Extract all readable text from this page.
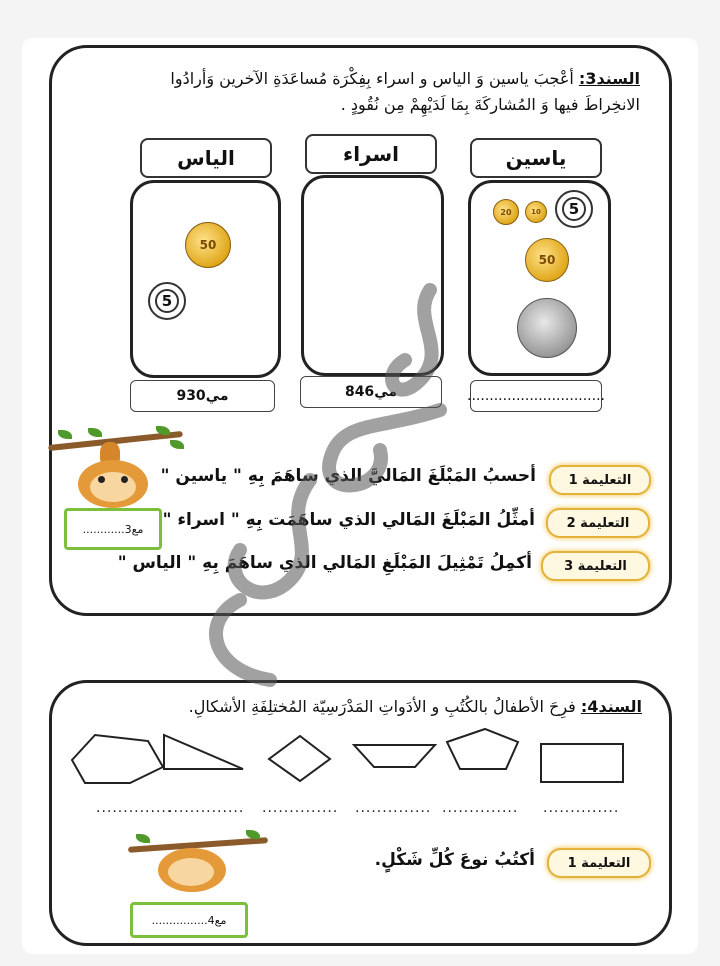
السند3: أعْجبَ ياسين وَ الياس و اسراء بِفِكْرَة مُساعَدَةِ الآخرين وَأرادُوا
الانخِراطَ فيها وَ المُشاركَةَ بِمَا لَدَيْهِمْ مِن نُقُودٍ .
ياسين
اسراء
الياس
20	10	5
50
50
5
...............................
846مي
930مي
مع3
............
التعليمة 1
أحسبُ المَبْلَغَ المَاليَّ الذي ساهَمَ بِهِ " ياسين "
التعليمة 2
أمثِّلُ المَبْلَغَ المَالي الذي ساهَمَت بِهِ " اسراء "
التعليمة 3
أكمِلُ تَمْثِيلَ المَبْلَغِ المَالي الذي ساهَمَ بِهِ " الياس "
السند4: فرِحَ الأطفالُ بالكُتُبِ و الأدَواتِ المَدْرَسِيّة المُختلِفَةِ الأشكالِ.
..............
.............. .............. .............. .............. ..............
مع4
................
التعليمة 1
أكتُبُ نوعَ كُلِّ شَكْلٍ.
